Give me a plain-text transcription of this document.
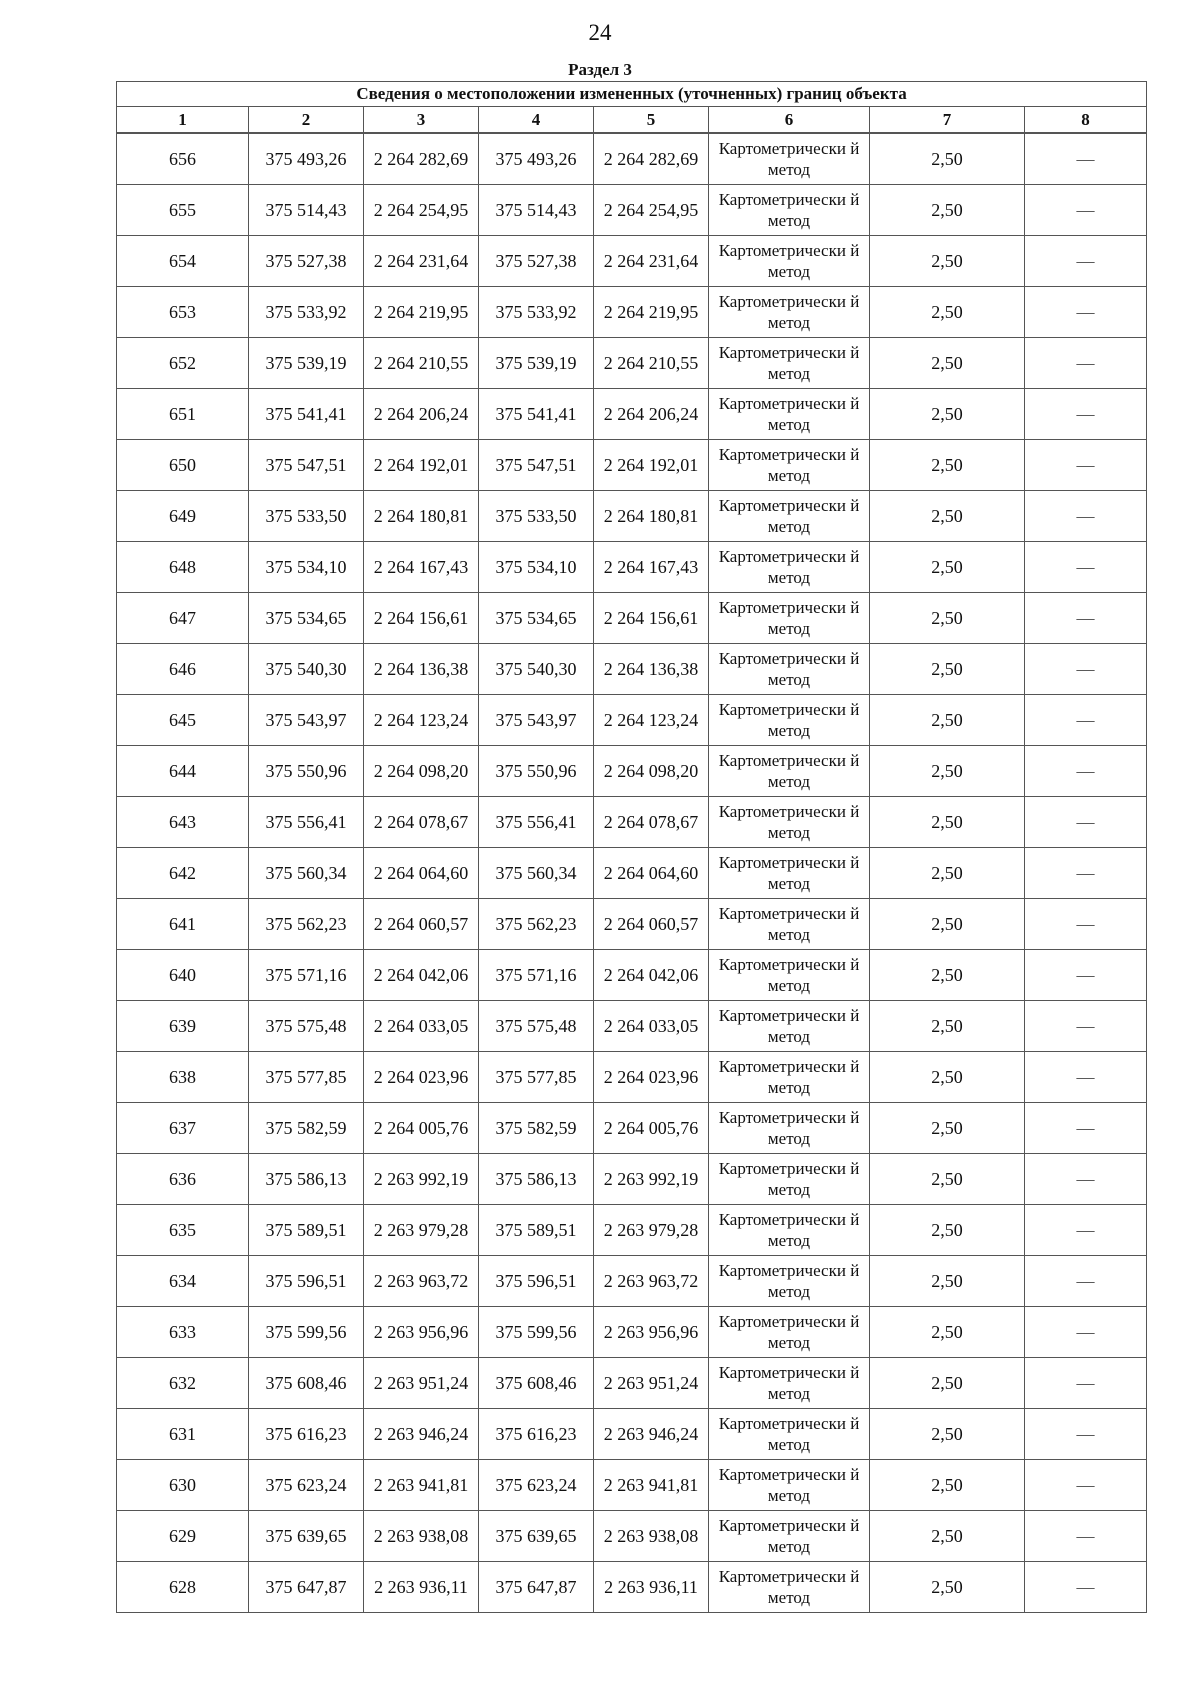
24
Раздел 3
Сведения о местоположении измененных (уточненных) границ объекта							
1	2	3	4	5	6	7	8
656	375 493,26	2 264 282,69	375 493,26	2 264 282,69	Картометрически й метод	2,50	—
655	375 514,43	2 264 254,95	375 514,43	2 264 254,95	Картометрически й метод	2,50	—
654	375 527,38	2 264 231,64	375 527,38	2 264 231,64	Картометрически й метод	2,50	—
653	375 533,92	2 264 219,95	375 533,92	2 264 219,95	Картометрически й метод	2,50	—
652	375 539,19	2 264 210,55	375 539,19	2 264 210,55	Картометрически й метод	2,50	—
651	375 541,41	2 264 206,24	375 541,41	2 264 206,24	Картометрически й метод	2,50	—
650	375 547,51	2 264 192,01	375 547,51	2 264 192,01	Картометрически й метод	2,50	—
649	375 533,50	2 264 180,81	375 533,50	2 264 180,81	Картометрически й метод	2,50	—
648	375 534,10	2 264 167,43	375 534,10	2 264 167,43	Картометрически й метод	2,50	—
647	375 534,65	2 264 156,61	375 534,65	2 264 156,61	Картометрически й метод	2,50	—
646	375 540,30	2 264 136,38	375 540,30	2 264 136,38	Картометрически й метод	2,50	—
645	375 543,97	2 264 123,24	375 543,97	2 264 123,24	Картометрически й метод	2,50	—
644	375 550,96	2 264 098,20	375 550,96	2 264 098,20	Картометрически й метод	2,50	—
643	375 556,41	2 264 078,67	375 556,41	2 264 078,67	Картометрически й метод	2,50	—
642	375 560,34	2 264 064,60	375 560,34	2 264 064,60	Картометрически й метод	2,50	—
641	375 562,23	2 264 060,57	375 562,23	2 264 060,57	Картометрически й метод	2,50	—
640	375 571,16	2 264 042,06	375 571,16	2 264 042,06	Картометрически й метод	2,50	—
639	375 575,48	2 264 033,05	375 575,48	2 264 033,05	Картометрически й метод	2,50	—
638	375 577,85	2 264 023,96	375 577,85	2 264 023,96	Картометрически й метод	2,50	—
637	375 582,59	2 264 005,76	375 582,59	2 264 005,76	Картометрически й метод	2,50	—
636	375 586,13	2 263 992,19	375 586,13	2 263 992,19	Картометрически й метод	2,50	—
635	375 589,51	2 263 979,28	375 589,51	2 263 979,28	Картометрически й метод	2,50	—
634	375 596,51	2 263 963,72	375 596,51	2 263 963,72	Картометрически й метод	2,50	—
633	375 599,56	2 263 956,96	375 599,56	2 263 956,96	Картометрически й метод	2,50	—
632	375 608,46	2 263 951,24	375 608,46	2 263 951,24	Картометрически й метод	2,50	—
631	375 616,23	2 263 946,24	375 616,23	2 263 946,24	Картометрически й метод	2,50	—
630	375 623,24	2 263 941,81	375 623,24	2 263 941,81	Картометрически й метод	2,50	—
629	375 639,65	2 263 938,08	375 639,65	2 263 938,08	Картометрически й метод	2,50	—
628	375 647,87	2 263 936,11	375 647,87	2 263 936,11	Картометрически й метод	2,50	—
